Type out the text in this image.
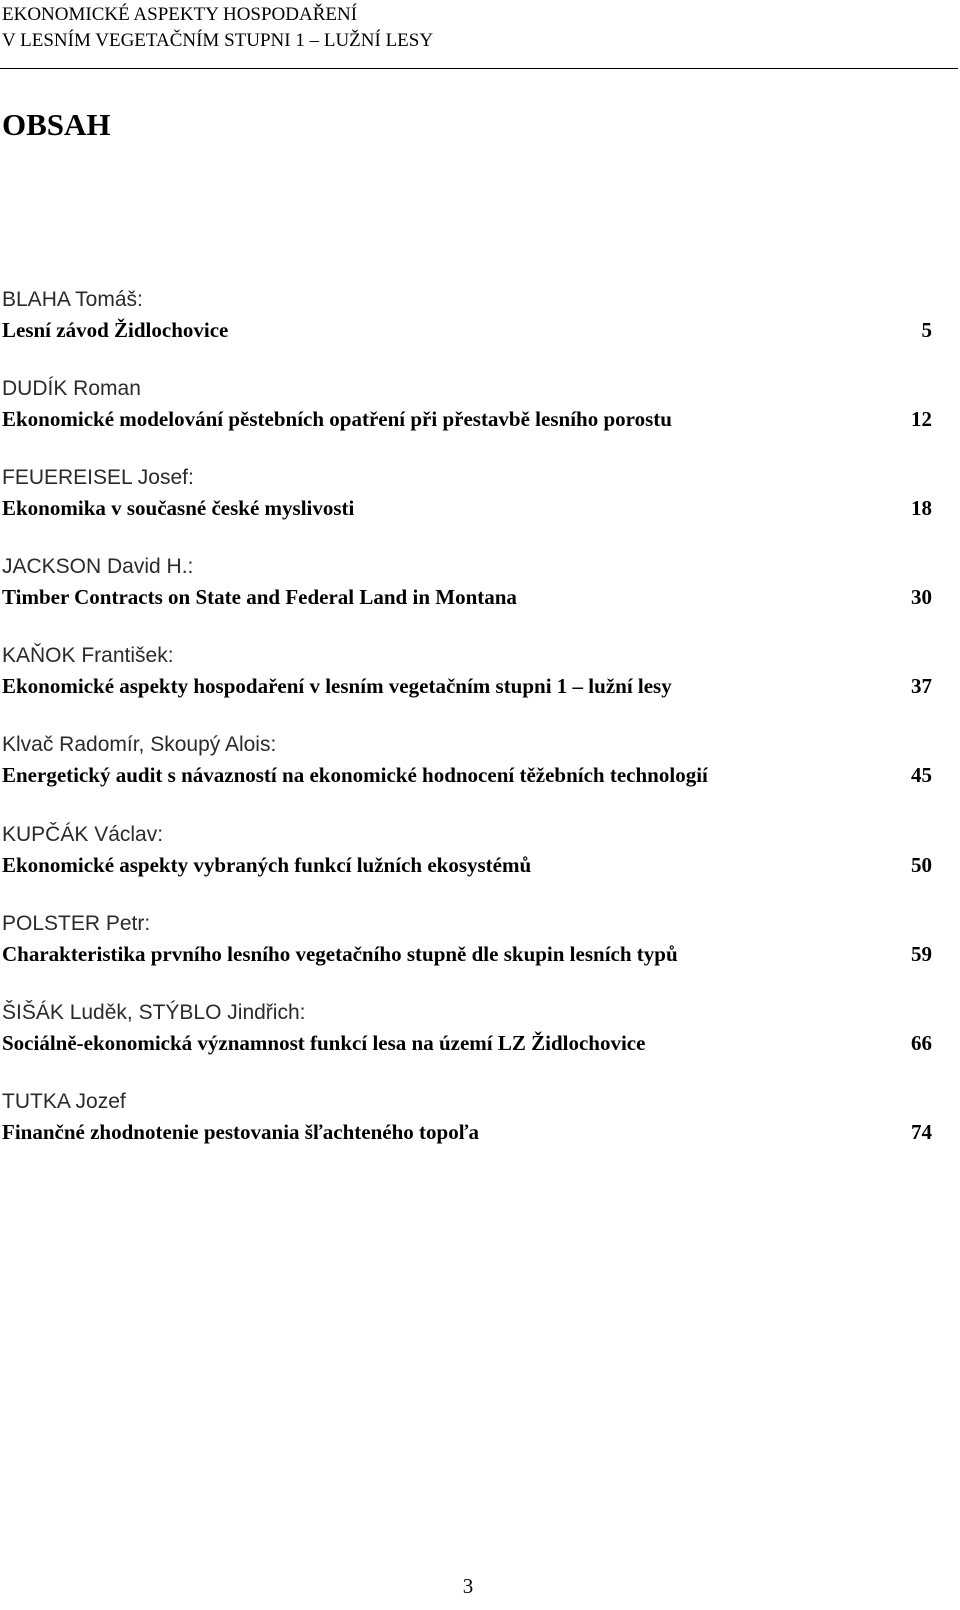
EKONOMICKÉ ASPEKTY HOSPODAŘENÍ
V LESNÍM VEGETAČNÍM STUPNI 1 – LUŽNÍ LESY
OBSAH
BLAHA Tomáš:
Lesní závod Židlochovice	5
DUDÍK Roman
Ekonomické modelování pěstebních opatření při přestavbě lesního porostu	12
FEUEREISEL Josef:
Ekonomika v současné české myslivosti	18
JACKSON David H.:
Timber Contracts on State and Federal Land in Montana	30
KAŇOK František:
Ekonomické aspekty hospodaření v lesním vegetačním stupni 1 – lužní lesy	37
Klvač Radomír, Skoupý Alois:
Energetický audit s návazností na ekonomické hodnocení těžebních technologií	45
KUPČÁK Václav:
Ekonomické aspekty vybraných funkcí lužních ekosystémů	50
POLSTER Petr:
Charakteristika prvního lesního vegetačního stupně dle skupin lesních typů	59
ŠIŠÁK Luděk, STÝBLO Jindřich:
Sociálně-ekonomická významnost funkcí lesa na území LZ Židlochovice	66
TUTKA Jozef
Finančné zhodnotenie pestovania šľachteného topoľa	74
3
